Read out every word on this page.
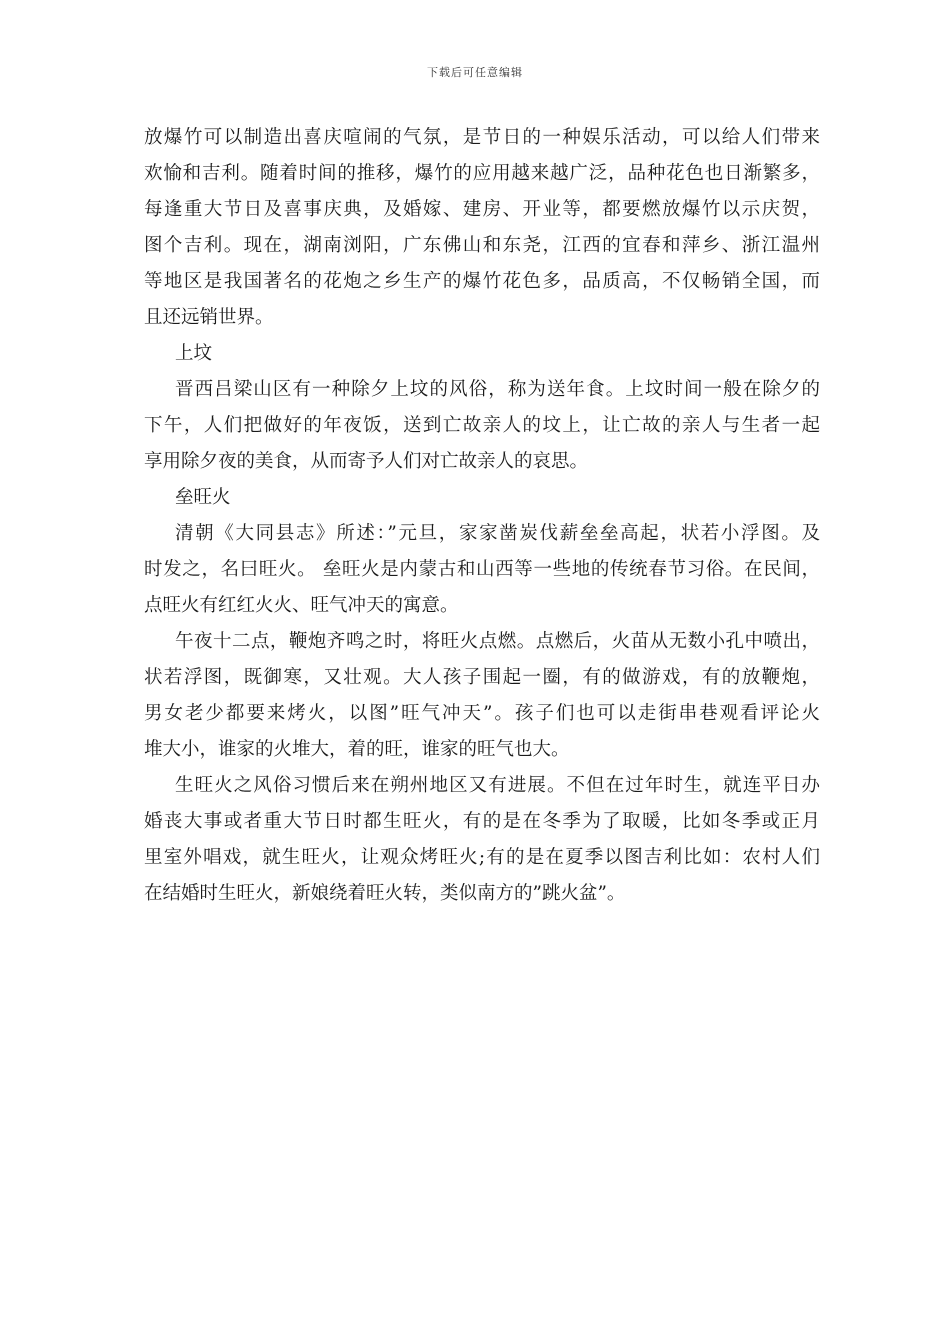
下载后可任意编辑
放爆竹可以制造出喜庆喧闹的气氛，是节日的一种娱乐活动，可以给人们带来
欢愉和吉利。随着时间的推移，爆竹的应用越来越广泛，品种花色也日渐繁多，
每逢重大节日及喜事庆典，及婚嫁、建房、开业等，都要燃放爆竹以示庆贺，
图个吉利。现在，湖南浏阳，广东佛山和东尧，江西的宜春和萍乡、浙江温州
等地区是我国著名的花炮之乡生产的爆竹花色多，品质高，不仅畅销全国，而
且还远销世界。
上坟
晋西吕梁山区有一种除夕上坟的风俗，称为送年食。上坟时间一般在除夕的
下午，人们把做好的年夜饭，送到亡故亲人的坟上，让亡故的亲人与生者一起
享用除夕夜的美食，从而寄予人们对亡故亲人的哀思。
垒旺火
清朝《大同县志》所述：”元旦，家家凿炭伐薪垒垒高起，状若小浮图。及
时发之，名曰旺火。 垒旺火是内蒙古和山西等一些地的传统春节习俗。在民间，
点旺火有红红火火、旺气冲天的寓意。
午夜十二点，鞭炮齐鸣之时，将旺火点燃。点燃后，火苗从无数小孔中喷出，
状若浮图，既御寒，又壮观。大人孩子围起一圈，有的做游戏，有的放鞭炮，
男女老少都要来烤火，以图”旺气冲天”。孩子们也可以走街串巷观看评论火
堆大小，谁家的火堆大，着的旺，谁家的旺气也大。
生旺火之风俗习惯后来在朔州地区又有进展。不但在过年时生，就连平日办
婚丧大事或者重大节日时都生旺火，有的是在冬季为了取暖，比如冬季或正月
里室外唱戏，就生旺火，让观众烤旺火;有的是在夏季以图吉利比如：农村人们
在结婚时生旺火，新娘绕着旺火转，类似南方的”跳火盆”。
